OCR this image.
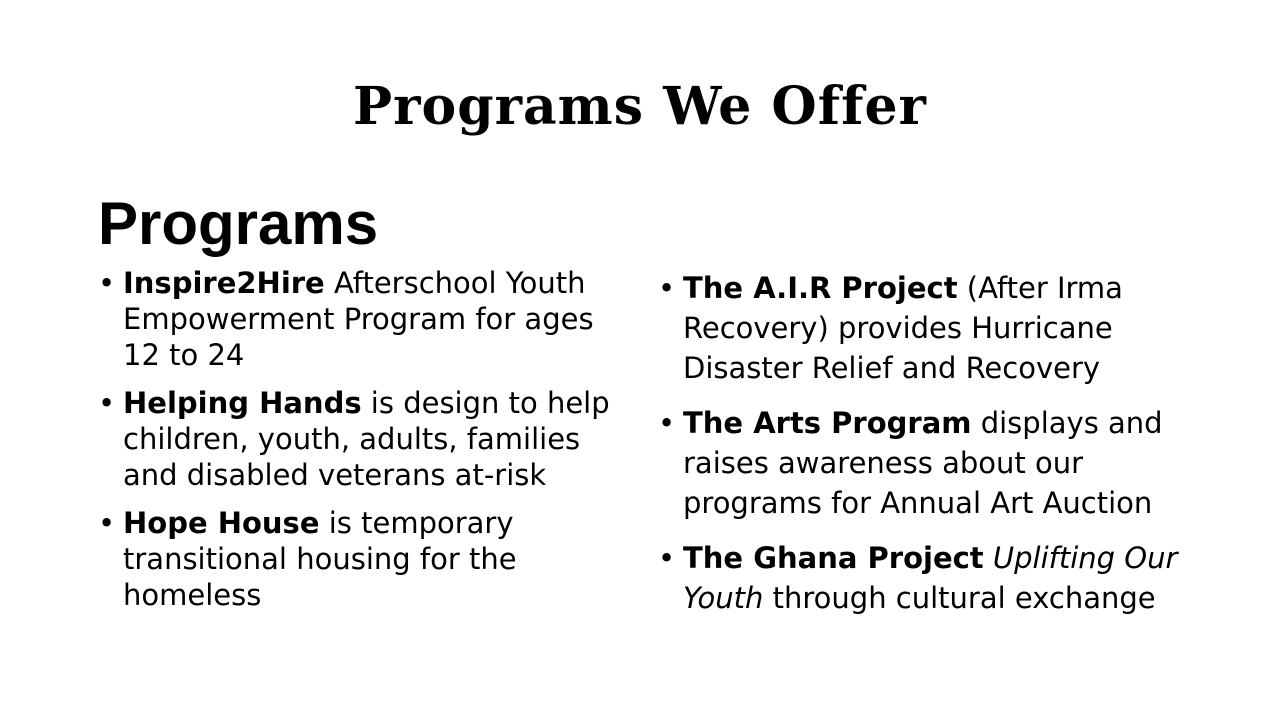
Programs We Offer
Programs
• Inspire2Hire Afterschool Youth Empowerment Program for ages 12 to 24
• Helping Hands is design to help children, youth, adults, families and disabled veterans at-risk
• Hope House is temporary transitional housing for the homeless
• The A.I.R Project (After Irma Recovery) provides Hurricane Disaster Relief and Recovery
• The Arts Program displays and raises awareness about our programs for Annual Art Auction
• The Ghana Project Uplifting Our Youth through cultural exchange
